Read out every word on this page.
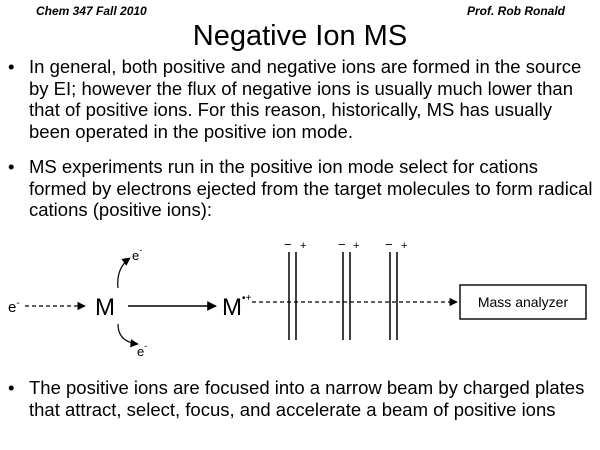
Chem 347 Fall 2010	Prof. Rob Ronald
Negative Ion MS
• In general, both positive and negative ions are formed in the source by EI; however the flux of negative ions is usually much lower than that of positive ions. For this reason, historically, MS has usually been operated in the positive ion mode.
• MS experiments run in the positive ion mode select for cations formed by electrons ejected from the target molecules to form radical cations (positive ions):
e-	M
e-
e-
M•+
− + − + − +
Mass analyzer
• The positive ions are focused into a narrow beam by charged plates that attract, select, focus, and accelerate a beam of positive ions
